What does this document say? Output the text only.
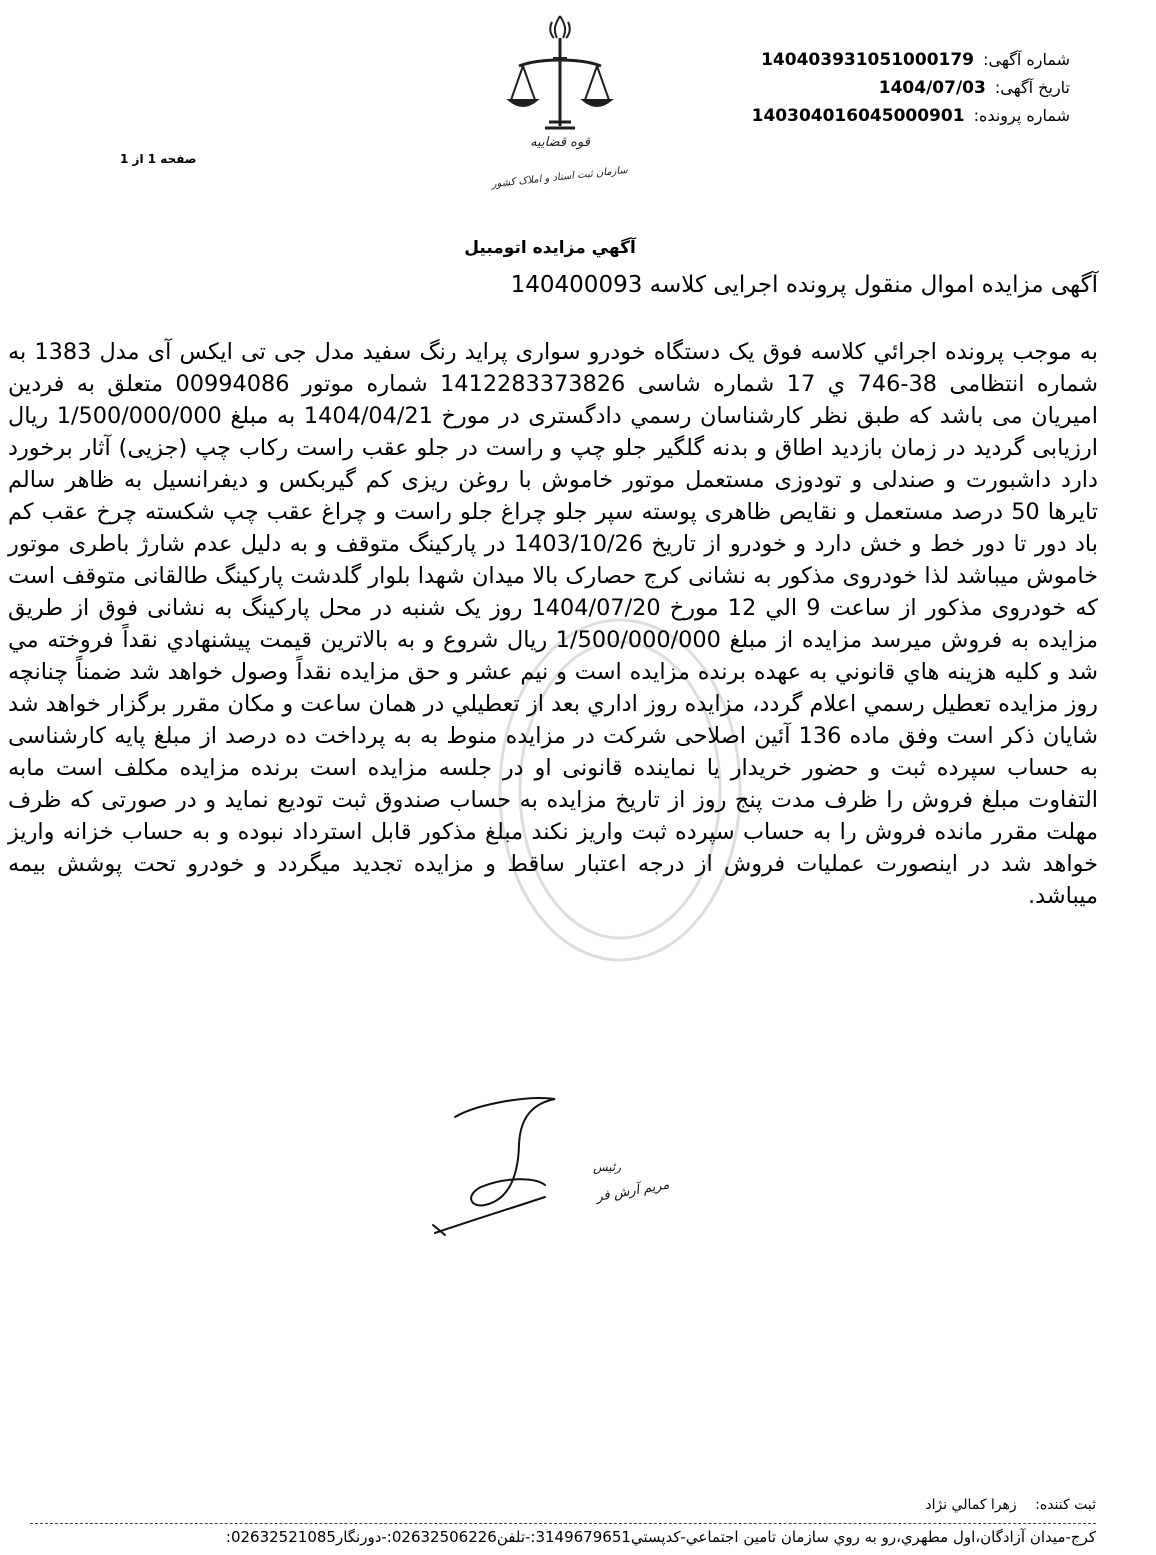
قوه قضاییه
سازمان ثبت اسناد و املاک کشور
شماره آگهی: 140403931051000179
تاریخ آگهی: 1404/07/03
شماره پرونده: 140304016045000901
صفحه 1 از 1
آگهي مزايده اتومبيل
آگهی مزایده اموال منقول پرونده اجرایی کلاسه 140400093

به موجب پرونده اجرائي كلاسه فوق یک دستگاه خودرو سواری پراید رنگ سفید مدل جی تی ایکس آی مدل 1383 به شماره انتظامی 38-746 ي 17 شماره شاسی 1412283373826 شماره موتور 00994086 متعلق به فردین امیریان می باشد که طبق نظر کارشناسان رسمي دادگستری در مورخ 1404/04/21 به مبلغ 1/500/000/000 ریال ارزیابی گردید در زمان بازدید اطاق و بدنه گلگیر جلو چپ و راست در جلو عقب راست رکاب چپ (جزیی) آثار برخورد دارد داشبورت و صندلی و تودوزی مستعمل موتور خاموش با روغن ریزی کم گیربکس و دیفرانسیل به ظاهر سالم تایرها 50 درصد مستعمل و نقایص ظاهری پوسته سپر جلو چراغ جلو راست و چراغ عقب چپ شکسته چرخ عقب کم باد دور تا دور خط و خش دارد و خودرو از تاریخ 1403/10/26 در پارکینگ متوقف و به دلیل عدم شارژ باطری موتور خاموش میباشد لذا خودروی مذکور به نشانی کرج حصارک بالا میدان شهدا بلوار گلدشت پارکینگ طالقانی متوقف است که خودروی مذکور از ساعت 9 الي 12 مورخ 1404/07/20 روز یک شنبه در محل پارکینگ به نشانی فوق از طریق مزایده به فروش میرسد مزایده از مبلغ 1/500/000/000 ریال شروع و به بالاترین قيمت پيشنهادي نقداً فروخته مي شد و كليه هزينه هاي قانوني به عهده برنده مزايده است و نيم عشر و حق مزايده نقداً وصول خواهد شد ضمناً چنانچه روز مزايده تعطيل رسمي اعلام گردد، مزايده روز اداري بعد از تعطيلي در همان ساعت و مكان مقرر برگزار خواهد شد شایان ذکر است وفق ماده 136 آئین اصلاحی شرکت در مزایده منوط به به پرداخت ده درصد از مبلغ پایه کارشناسی به حساب سپرده ثبت و حضور خریدار یا نماینده قانونی او در جلسه مزایده است برنده مزایده مکلف است مابه التفاوت مبلغ فروش را ظرف مدت پنج روز از تاریخ مزایده به حساب صندوق ثبت تودیع نماید و در صورتی که ظرف مهلت مقرر مانده فروش را به حساب سپرده ثبت واریز نکند مبلغ مذکور قابل استرداد نبوده و به حساب خزانه واریز خواهد شد در اینصورت عملیات فروش از درجه اعتبار ساقط و مزایده تجدید میگردد و خودرو تحت پوشش بیمه میباشد.

رئیس
مریم آرش فر
ثبت کننده: زهرا كمالي نژاد
كرج-ميدان آزادگان،اول مطهري،رو به روي سازمان تامين اجتماعي-كدپستي3149679651:-تلفن02632506226:-دورنگار02632521085:
